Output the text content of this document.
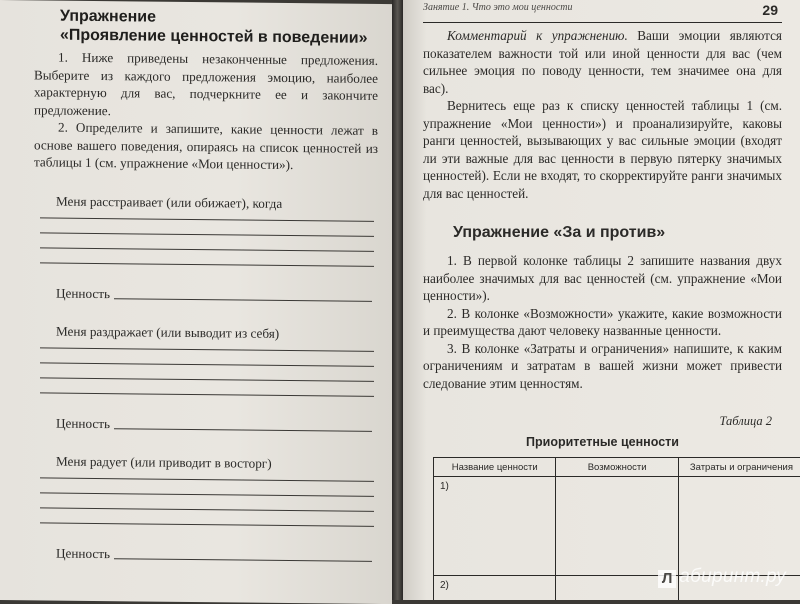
Упражнение
«Проявление ценностей в поведении»

1. Ниже приведены незаконченные предложения. Выберите из каждого предложения эмоцию, наиболее характерную для вас, подчеркните ее и закончите предложение.

2. Определите и запишите, какие ценности лежат в основе вашего поведения, опираясь на список ценностей из таблицы 1 (см. упражнение «Мои ценности»).

Меня расстраивает (или обижает), когда
Ценность
Меня раздражает (или выводит из себя)
Ценность
Меня радует (или приводит в восторг)
Ценность
Занятие 1. Что это мои ценности	29

Комментарий к упражнению. Ваши эмоции являются показателем важности той или иной ценности для вас (чем сильнее эмоция по поводу ценности, тем значимее она для вас).

Вернитесь еще раз к списку ценностей таблицы 1 (см. упражнение «Мои ценности») и проанализируйте, каковы ранги ценностей, вызывающих у вас сильные эмоции (входят ли эти важные для вас ценности в первую пятерку значимых ценностей). Если не входят, то скорректируйте ранги значимых для вас ценностей.

Упражнение «За и против»

1. В первой колонке таблицы 2 запишите названия двух наиболее значимых для вас ценностей (см. упражнение «Мои ценности»).

2. В колонке «Возможности» укажите, какие возможности и преимущества дают человеку названные ценности.

3. В колонке «Затраты и ограничения» напишите, к каким ограничениям и затратам в вашей жизни может привести следование этим ценностям.

Таблица 2
Приоритетные ценности
Название ценности	Возможности	Затраты и ограничения
1)		
2)			Л абиринт.ру
